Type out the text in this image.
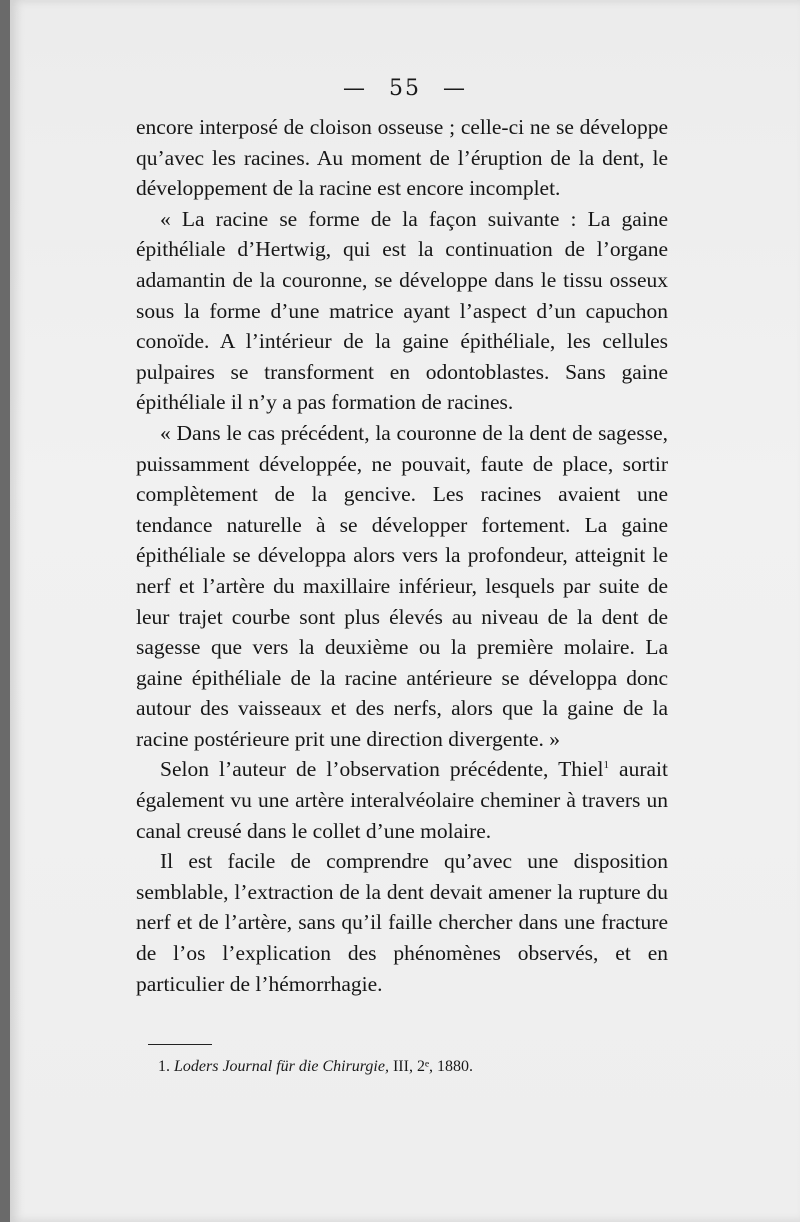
— 55 —

encore interposé de cloison osseuse ; celle-ci ne se développe qu’avec les racines. Au moment de l’éruption de la dent, le développement de la racine est encore incomplet.

« La racine se forme de la façon suivante : La gaine épithéliale d’Hertwig, qui est la continuation de l’organe adamantin de la couronne, se développe dans le tissu osseux sous la forme d’une matrice ayant l’aspect d’un capuchon conoïde. A l’intérieur de la gaine épithéliale, les cellules pulpaires se transforment en odontoblastes. Sans gaine épithéliale il n’y a pas formation de racines.

« Dans le cas précédent, la couronne de la dent de sagesse, puissamment développée, ne pouvait, faute de place, sortir complètement de la gencive. Les racines avaient une tendance naturelle à se développer fortement. La gaine épithéliale se développa alors vers la profondeur, atteignit le nerf et l’artère du maxillaire inférieur, lesquels par suite de leur trajet courbe sont plus élevés au niveau de la dent de sagesse que vers la deuxième ou la première molaire. La gaine épithéliale de la racine antérieure se développa donc autour des vaisseaux et des nerfs, alors que la gaine de la racine postérieure prit une direction divergente. »

Selon l’auteur de l’observation précédente, Thiel$^1$ aurait également vu une artère interalvéolaire cheminer à travers un canal creusé dans le collet d’une molaire.

Il est facile de comprendre qu’avec une disposition semblable, l’extraction de la dent devait amener la rupture du nerf et de l’artère, sans qu’il faille chercher dans une fracture de l’os l’explication des phénomènes observés, et en particulier de l’hémorrhagie.

1. Loders Journal für die Chirurgie, III, 2ᵉ, 1880.
